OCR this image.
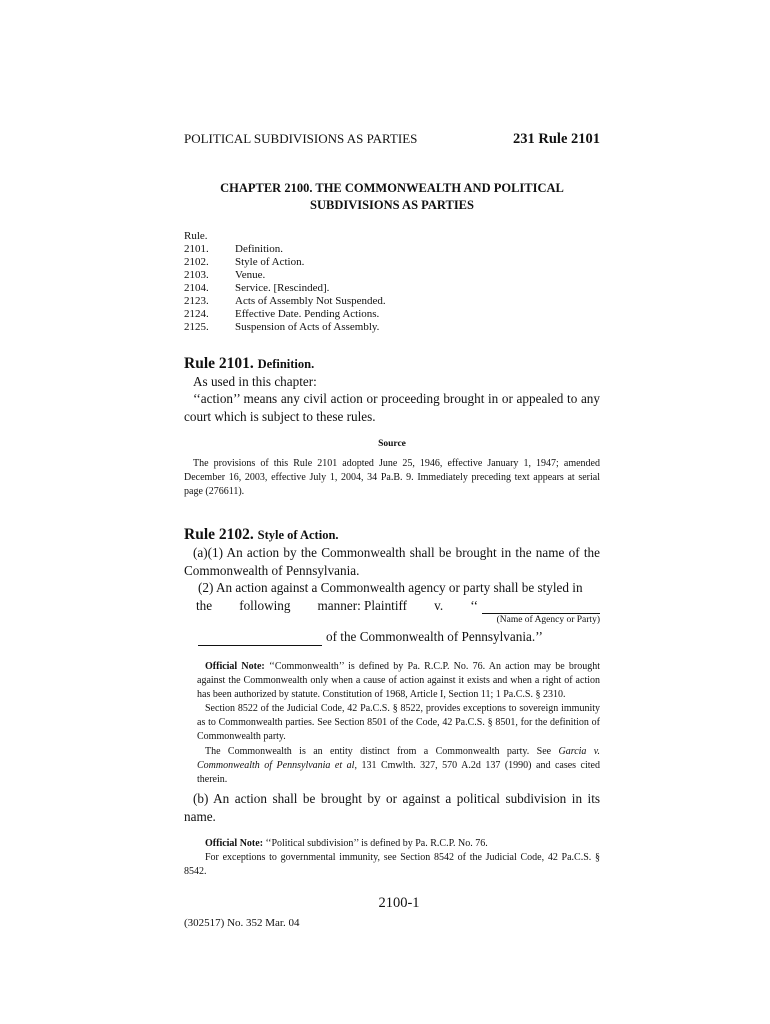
POLITICAL SUBDIVISIONS AS PARTIES	231 Rule 2101
CHAPTER 2100. THE COMMONWEALTH AND POLITICAL
SUBDIVISIONS AS PARTIES
Rule.
2101.	Definition.
2102.	Style of Action.
2103.	Venue.
2104.	Service. [Rescinded].
2123.	Acts of Assembly Not Suspended.
2124.	Effective Date. Pending Actions.
2125.	Suspension of Acts of Assembly.
Rule 2101. Definition.

As used in this chapter:

‘‘action’’ means any civil action or proceeding brought in or appealed to any court which is subject to these rules.

Source

The provisions of this Rule 2101 adopted June 25, 1946, effective January 1, 1947; amended December 16, 2003, effective July 1, 2004, 34 Pa.B. 9. Immediately preceding text appears at serial page (276611).

Rule 2102. Style of Action.

(a)(1) An action by the Commonwealth shall be brought in the name of the Commonwealth of Pennsylvania.

(2) An action against a Commonwealth agency or party shall be styled in

the following manner: Plaintiff v. ‘‘
(Name of Agency or Party)
of the Commonwealth of Pennsylvania.’’

Official Note: ‘‘Commonwealth’’ is defined by Pa. R.C.P. No. 76. An action may be brought against the Commonwealth only when a cause of action against it exists and when a right of action has been authorized by statute. Constitution of 1968, Article I, Section 11; 1 Pa.C.S. § 2310.

Section 8522 of the Judicial Code, 42 Pa.C.S. § 8522, provides exceptions to sovereign immunity as to Commonwealth parties. See Section 8501 of the Code, 42 Pa.C.S. § 8501, for the definition of Commonwealth party.

The Commonwealth is an entity distinct from a Commonwealth party. See Garcia v. Commonwealth of Pennsylvania et al, 131 Cmwlth. 327, 570 A.2d 137 (1990) and cases cited therein.

(b) An action shall be brought by or against a political subdivision in its name.

Official Note: ‘‘Political subdivision’’ is defined by Pa. R.C.P. No. 76.

For exceptions to governmental immunity, see Section 8542 of the Judicial Code, 42 Pa.C.S. § 8542.

2100-1
(302517) No. 352 Mar. 04
